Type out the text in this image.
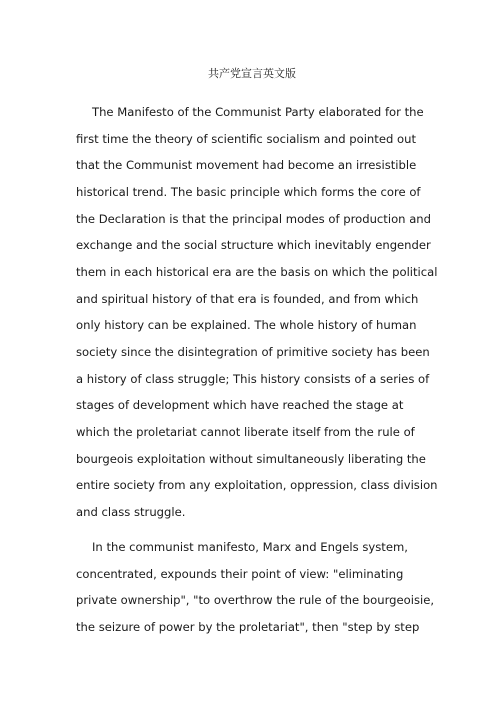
共产党宣言英文版
The Manifesto of the Communist Party elaborated for the
first time the theory of scientific socialism and pointed out
that the Communist movement had become an irresistible
historical trend. The basic principle which forms the core of
the Declaration is that the principal modes of production and
exchange and the social structure which inevitably engender
them in each historical era are the basis on which the political
and spiritual history of that era is founded, and from which
only history can be explained. The whole history of human
society since the disintegration of primitive society has been
a history of class struggle; This history consists of a series of
stages of development which have reached the stage at
which the proletariat cannot liberate itself from the rule of
bourgeois exploitation without simultaneously liberating the
entire society from any exploitation, oppression, class division
and class struggle.
In the communist manifesto, Marx and Engels system,
concentrated, expounds their point of view: "eliminating
private ownership", "to overthrow the rule of the bourgeoisie,
the seizure of power by the proletariat", then "step by step
